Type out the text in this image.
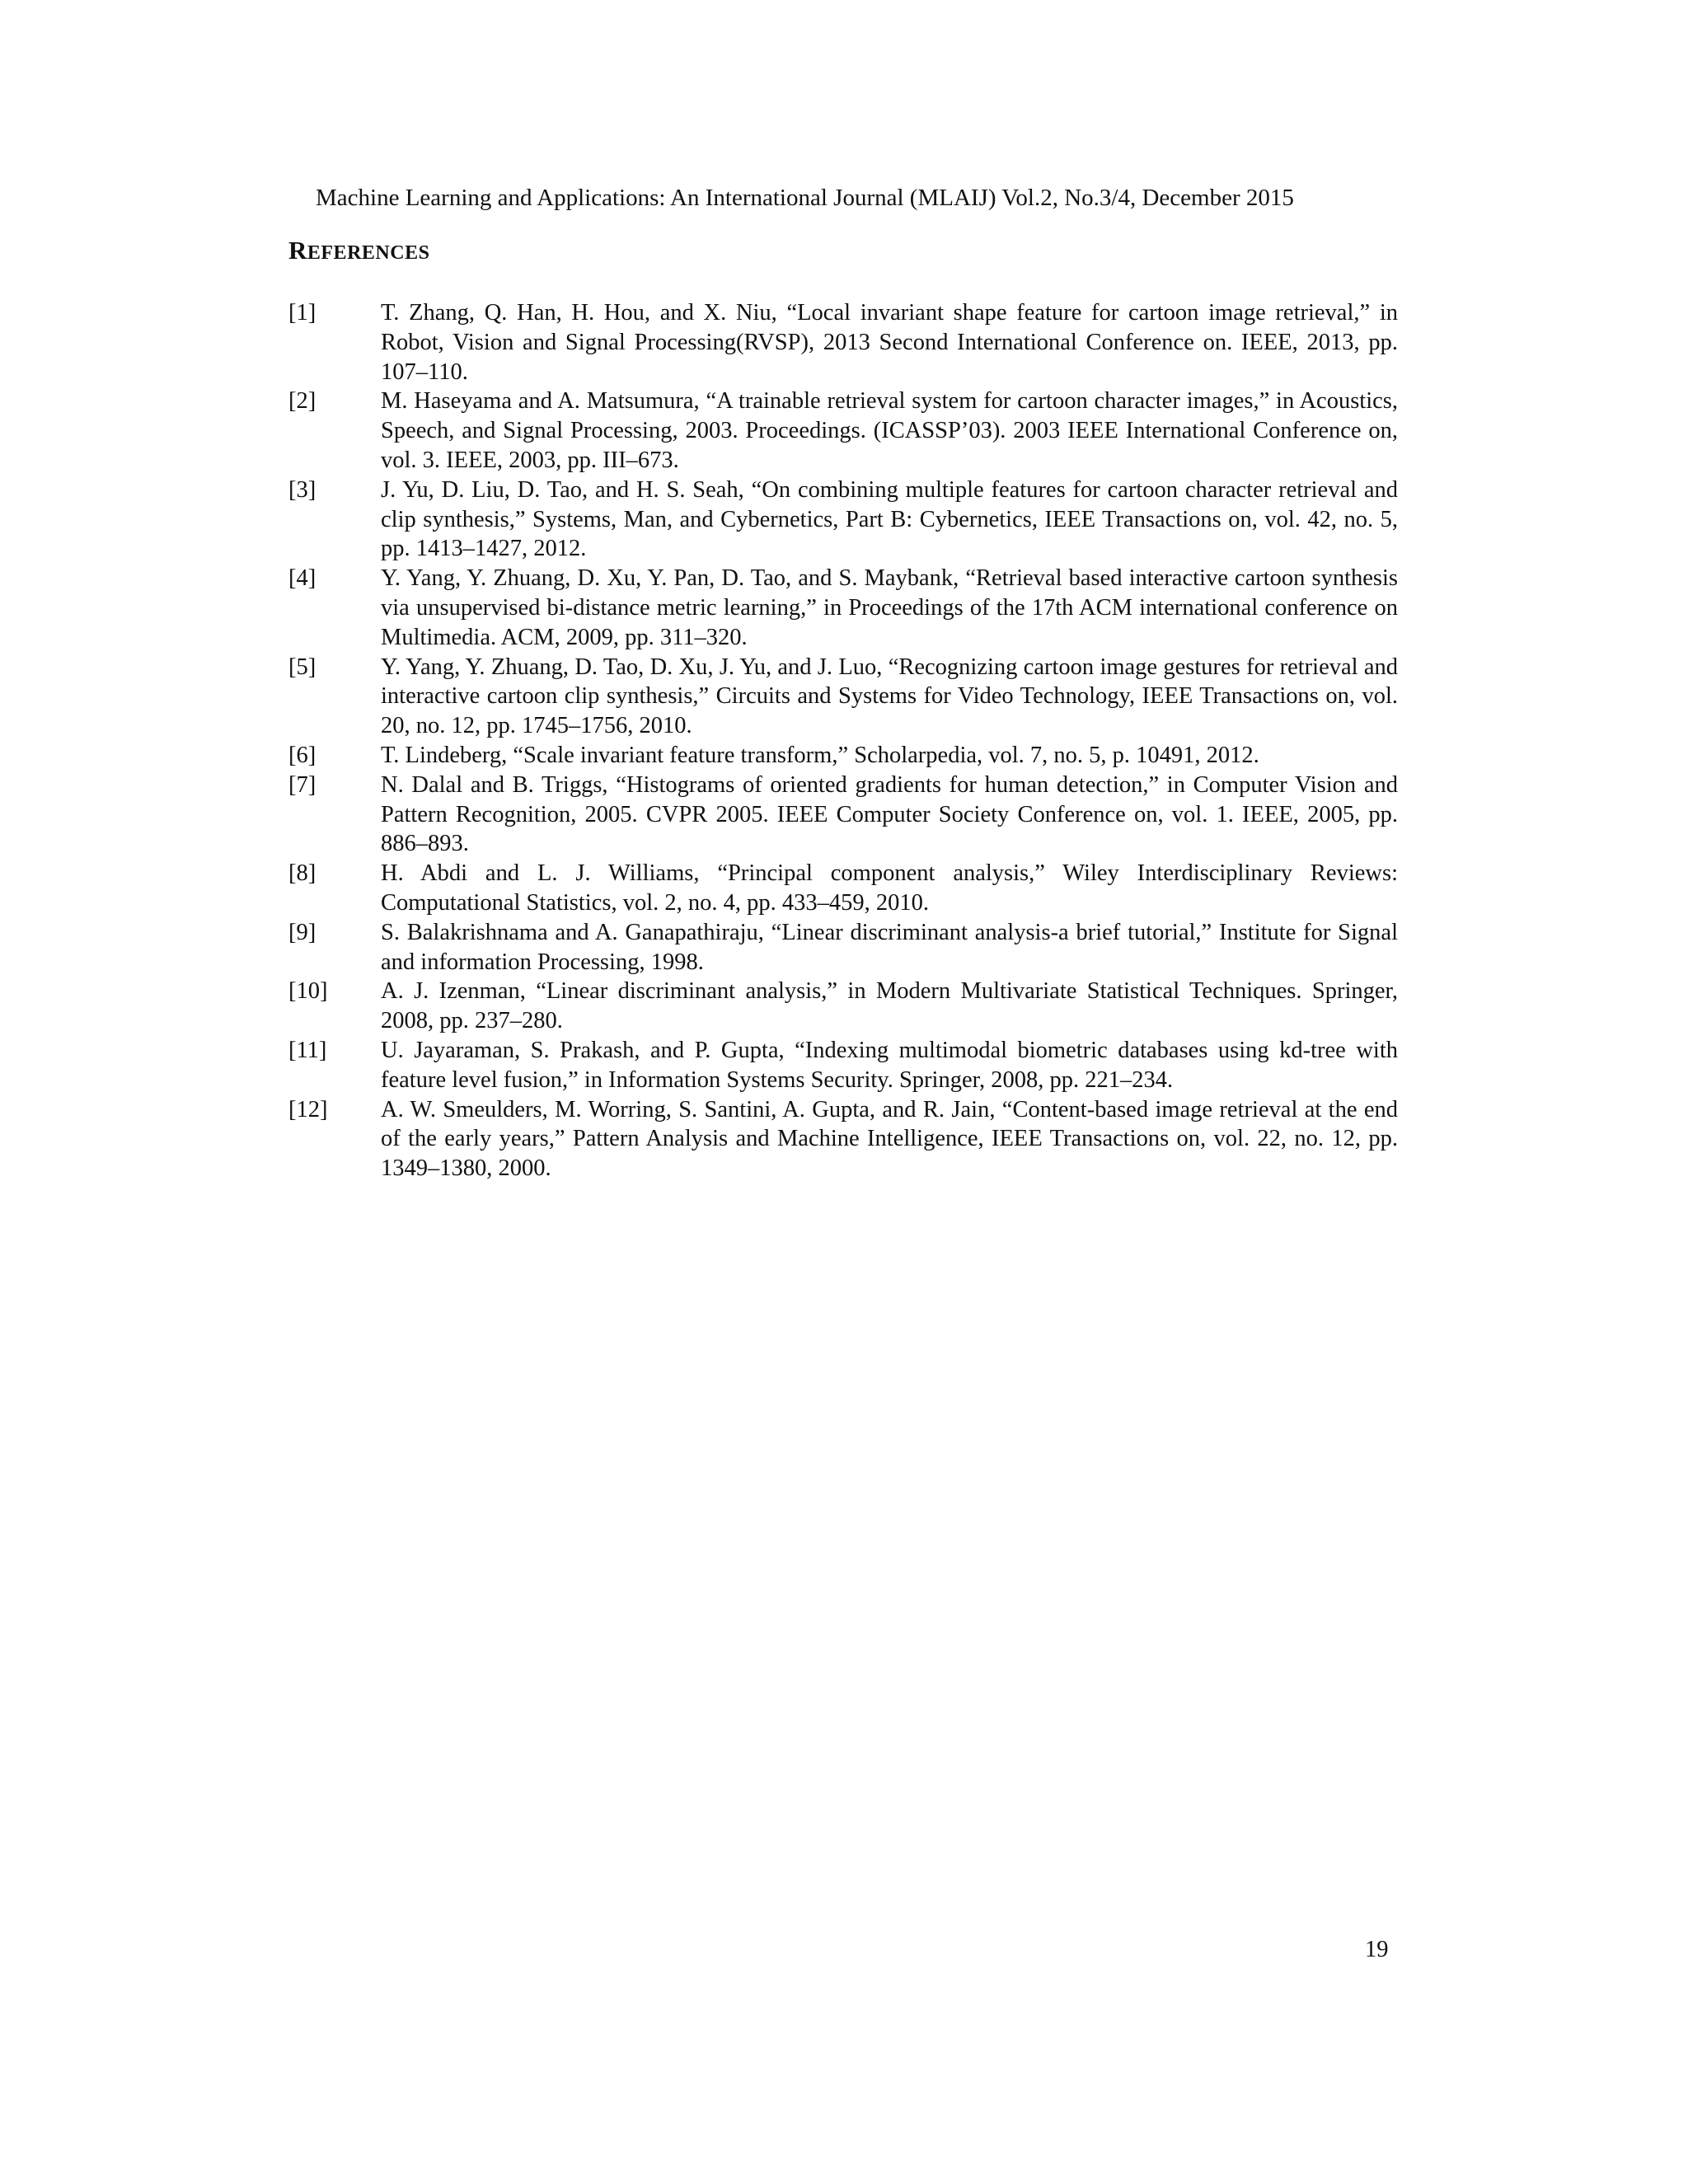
Machine Learning and Applications: An International Journal (MLAIJ) Vol.2, No.3/4, December 2015
REFERENCES
[1]	T. Zhang, Q. Han, H. Hou, and X. Niu, “Local invariant shape feature for cartoon image retrieval,” in Robot, Vision and Signal Processing(RVSP), 2013 Second International Conference on. IEEE, 2013, pp. 107–110.
[2]	M. Haseyama and A. Matsumura, “A trainable retrieval system for cartoon character images,” in Acoustics, Speech, and Signal Processing, 2003. Proceedings. (ICASSP’03). 2003 IEEE International Conference on, vol. 3. IEEE, 2003, pp. III–673.
[3]	J. Yu, D. Liu, D. Tao, and H. S. Seah, “On combining multiple features for cartoon character retrieval and clip synthesis,” Systems, Man, and Cybernetics, Part B: Cybernetics, IEEE Transactions on, vol. 42, no. 5, pp. 1413–1427, 2012.
[4]	Y. Yang, Y. Zhuang, D. Xu, Y. Pan, D. Tao, and S. Maybank, “Retrieval based interactive cartoon synthesis via unsupervised bi-distance metric learning,” in Proceedings of the 17th ACM international conference on Multimedia. ACM, 2009, pp. 311–320.
[5]	Y. Yang, Y. Zhuang, D. Tao, D. Xu, J. Yu, and J. Luo, “Recognizing cartoon image gestures for retrieval and interactive cartoon clip synthesis,” Circuits and Systems for Video Technology, IEEE Transactions on, vol. 20, no. 12, pp. 1745–1756, 2010.
[6]	T. Lindeberg, “Scale invariant feature transform,” Scholarpedia, vol. 7, no. 5, p. 10491, 2012.
[7]	N. Dalal and B. Triggs, “Histograms of oriented gradients for human detection,” in Computer Vision and Pattern Recognition, 2005. CVPR 2005. IEEE Computer Society Conference on, vol. 1. IEEE, 2005, pp. 886–893.
[8]	H. Abdi and L. J. Williams, “Principal component analysis,” Wiley Interdisciplinary Reviews: Computational Statistics, vol. 2, no. 4, pp. 433–459, 2010.
[9]	S. Balakrishnama and A. Ganapathiraju, “Linear discriminant analysis-a brief tutorial,” Institute for Signal and information Processing, 1998.
[10]	A. J. Izenman, “Linear discriminant analysis,” in Modern Multivariate Statistical Techniques. Springer, 2008, pp. 237–280.
[11]	U. Jayaraman, S. Prakash, and P. Gupta, “Indexing multimodal biometric databases using kd-tree with feature level fusion,” in Information Systems Security. Springer, 2008, pp. 221–234.
[12]	A. W. Smeulders, M. Worring, S. Santini, A. Gupta, and R. Jain, “Content-based image retrieval at the end of the early years,” Pattern Analysis and Machine Intelligence, IEEE Transactions on, vol. 22, no. 12, pp. 1349–1380, 2000.
19
